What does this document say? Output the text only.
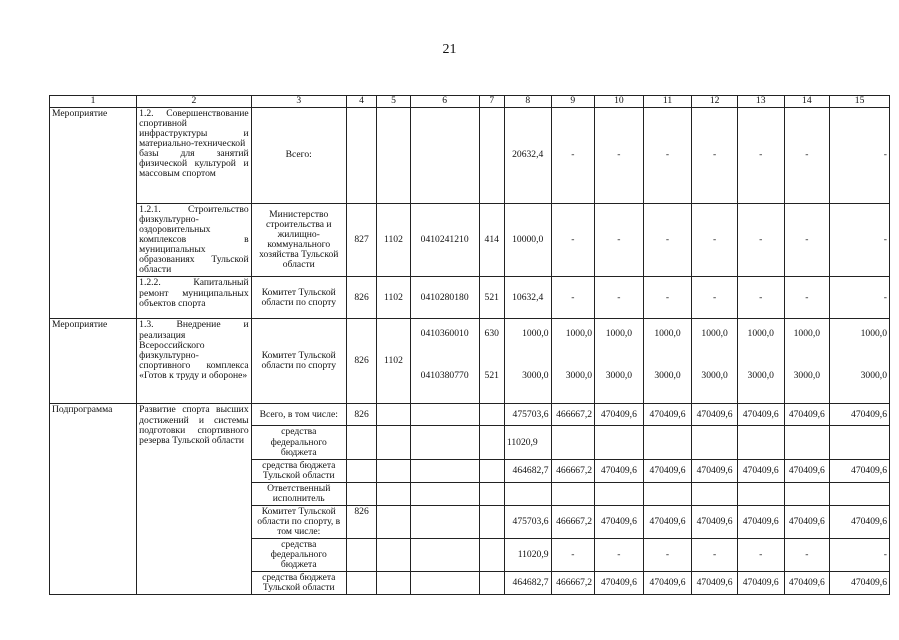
21
1	2	3	4	5	6	7	8	9	10	11	12	13	14	15
Мероприятие	1.2. Совершенствование спортивной инфраструктуры и материально-технической базы для занятий физической культурой и массовым спортом	Всего:					20632,4	-	-	-	-	-	-	-
	1.2.1. Строительство физкультурно-оздоровительных комплексов в муниципальных образованиях Тульской области	Министерство строительства и жилищно-коммунального хозяйства Тульской области	827	1102	0410241210	414	10000,0	-	-	-	-	-	-	-
	1.2.2. Капитальный ремонт муниципальных объектов спорта	Комитет Тульской области по спорту	826	1102	0410280180	521	10632,4	-	-	-	-	-	-	-
Мероприятие	1.3. Внедрение и реализация Всероссийского физкультурно-спортивного комплекса «Готов к труду и обороне»	Комитет Тульской области по спорту	826	1102	0410360010	630	1000,0	1000,0	1000,0	1000,0	1000,0	1000,0	1000,0	1000,0
					0410380770	521	3000,0	3000,0	3000,0	3000,0	3000,0	3000,0	3000,0	3000,0
Подпрограмма	Развитие спорта высших достижений и системы подготовки спортивного резерва Тульской области	Всего, в том числе:	826				475703,6	466667,2	470409,6	470409,6	470409,6	470409,6	470409,6	470409,6
		средства федерального бюджета					11020,9							
		средства бюджета Тульской области					464682,7	466667,2	470409,6	470409,6	470409,6	470409,6	470409,6	470409,6
		Ответственный исполнитель												
		Комитет Тульской области по спорту, в том числе:	826				475703,6	466667,2	470409,6	470409,6	470409,6	470409,6	470409,6	470409,6
		средства федерального бюджета					11020,9	-	-	-	-	-	-	-
		средства бюджета Тульской области					464682,7	466667,2	470409,6	470409,6	470409,6	470409,6	470409,6	470409,6
